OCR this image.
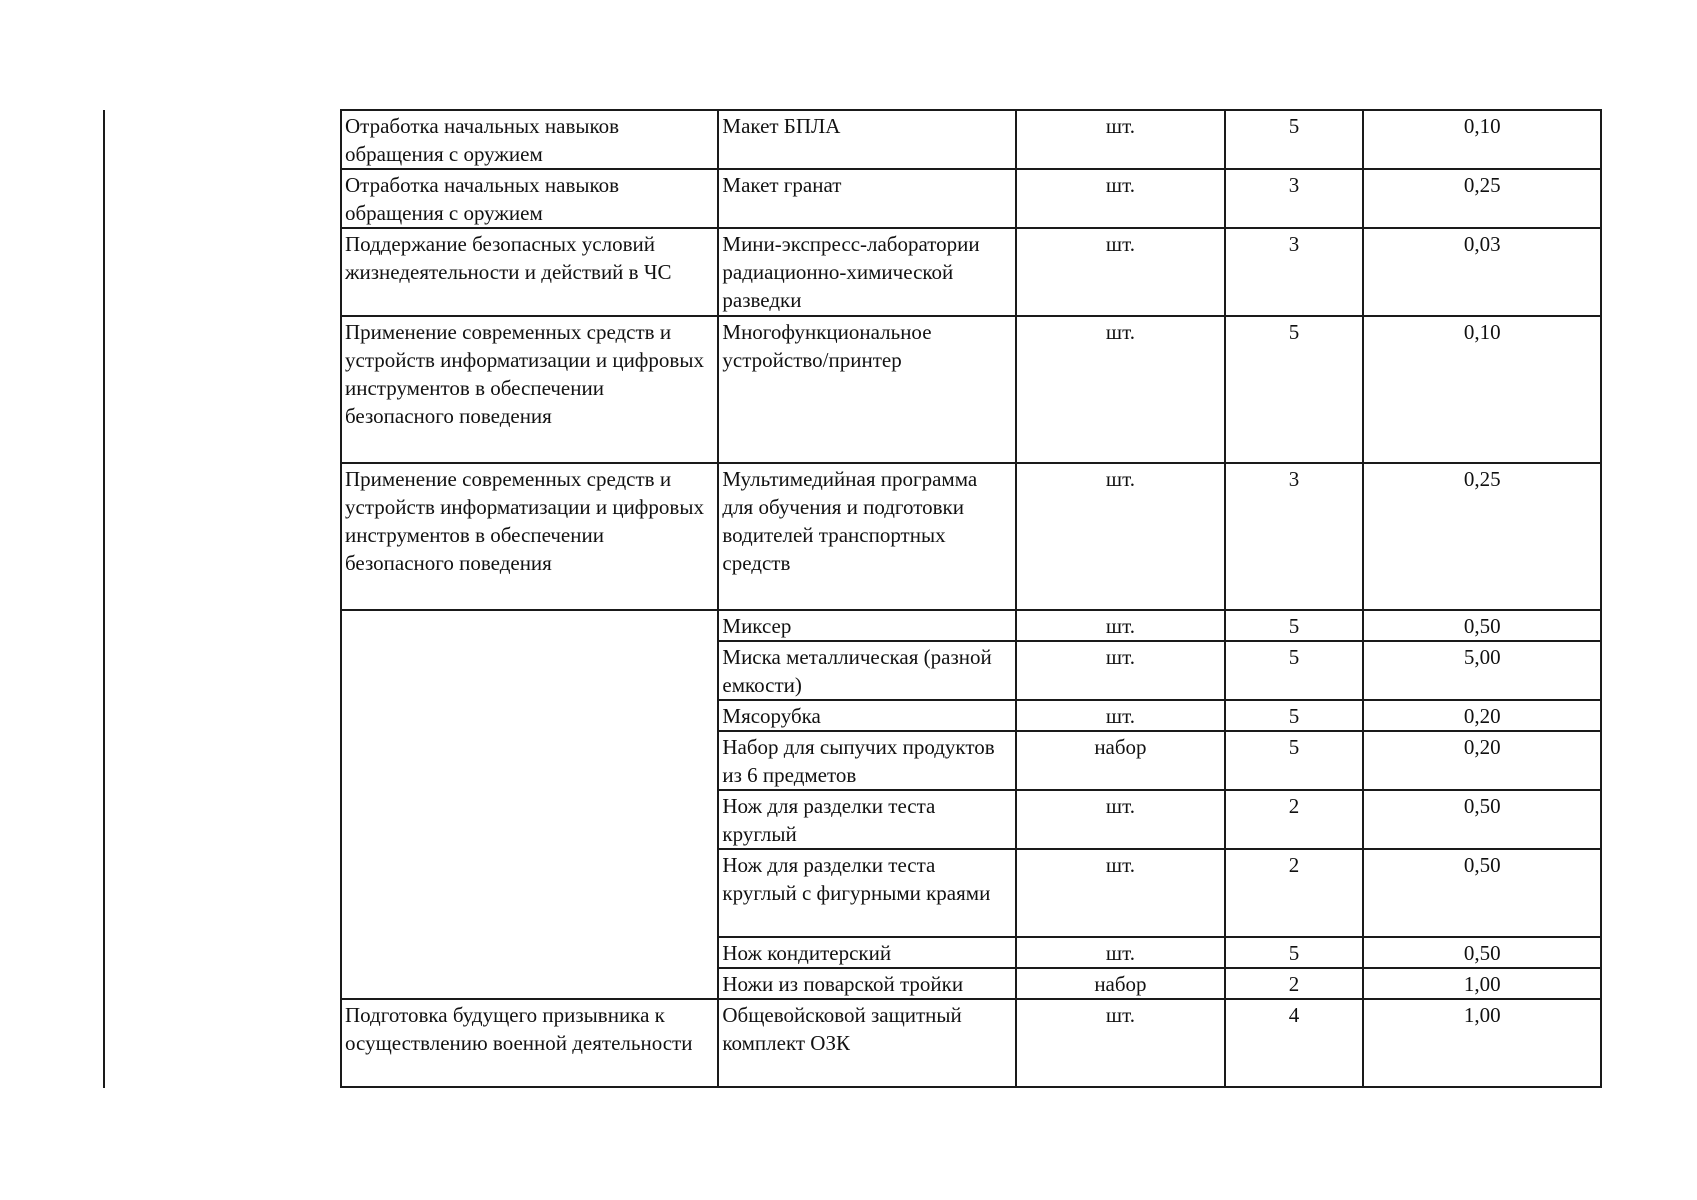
Отработка начальных навыков обращения с оружием	Макет БПЛА	шт.	5	0,10
Отработка начальных навыков обращения с оружием	Макет гранат	шт.	3	0,25
Поддержание безопасных условий жизнедеятельности и действий в ЧС	Мини-экспресс-лаборатории радиационно-химической разведки	шт.	3	0,03
Применение современных средств и устройств информатизации и цифровых инструментов в обеспечении безопасного поведения	Многофункциональное устройство/принтер	шт.	5	0,10
Применение современных средств и устройств информатизации и цифровых инструментов в обеспечении безопасного поведения	Мультимедийная программа для обучения и подготовки водителей транспортных средств	шт.	3	0,25
	Миксер	шт.	5	0,50
	Миска металлическая (разной емкости)	шт.	5	5,00
	Мясорубка	шт.	5	0,20
	Набор для сыпучих продуктов из 6 предметов	набор	5	0,20
	Нож для разделки теста круглый	шт.	2	0,50
	Нож для разделки теста круглый с фигурными краями	шт.	2	0,50
	Нож кондитерский	шт.	5	0,50
	Ножи из поварской тройки	набор	2	1,00
Подготовка будущего призывника к осуществлению военной деятельности	Общевойсковой защитный комплект ОЗК	шт.	4	1,00
